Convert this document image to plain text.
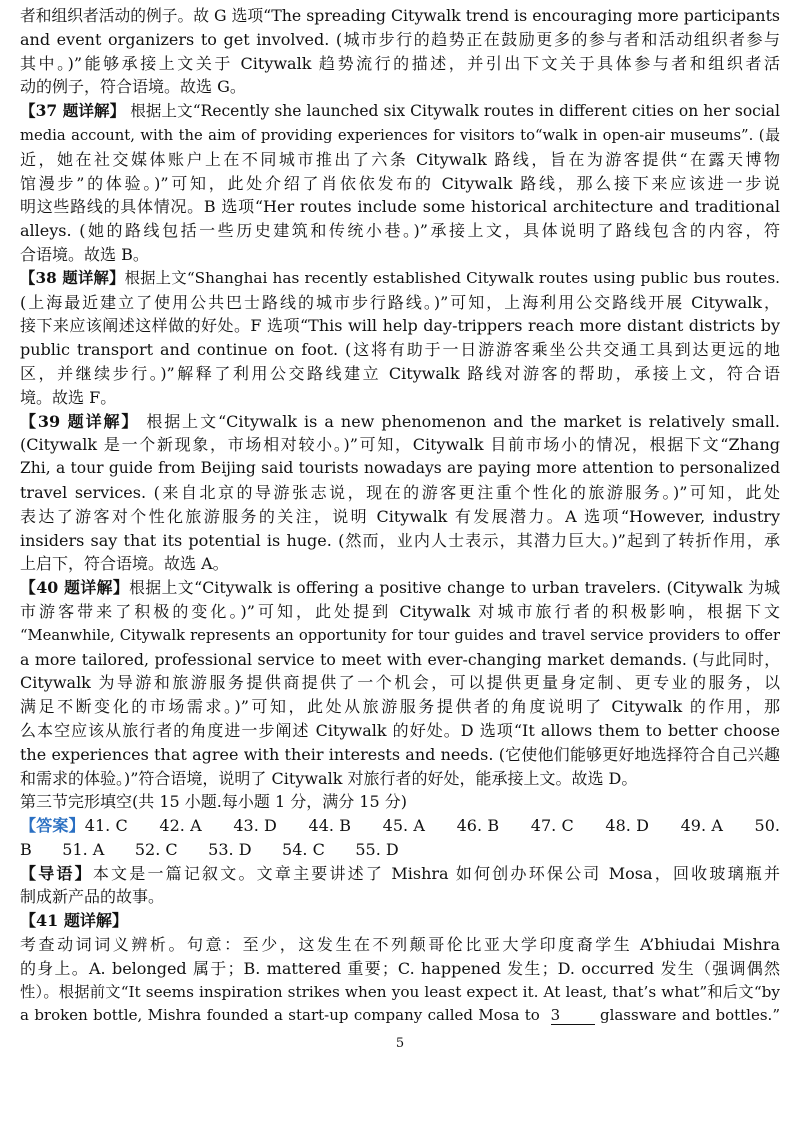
者和组织者活动的例子。故 G 选项“The spreading Citywalk trend is encouraging more participants
and event organizers to get involved. (城市步行的趋势正在鼓励更多的参与者和活动组织者参与
其中。)”能够承接上文关于 Citywalk 趋势流行的描述，并引出下文关于具体参与者和组织者活
动的例子，符合语境。故选 G。
【37 题详解】 根据上文“Recently she launched six Citywalk routes in different cities on her social
media account, with the aim of providing experiences for visitors to“walk in open-air museums”. (最
近，她在社交媒体账户上在不同城市推出了六条 Citywalk 路线，旨在为游客提供“在露天博物
馆漫步”的体验。)”可知，此处介绍了肖依依发布的 Citywalk 路线，那么接下来应该进一步说
明这些路线的具体情况。B 选项“Her routes include some historical architecture and traditional
alleys. (她的路线包括一些历史建筑和传统小巷。)”承接上文，具体说明了路线包含的内容，符
合语境。故选 B。
【38 题详解】根据上文“Shanghai has recently established Citywalk routes using public bus routes.
(上海最近建立了使用公共巴士路线的城市步行路线。)”可知，上海利用公交路线开展 Citywalk，
接下来应该阐述这样做的好处。F 选项“This will help day-trippers reach more distant districts by
public transport and continue on foot. (这将有助于一日游游客乘坐公共交通工具到达更远的地
区，并继续步行。)”解释了利用公交路线建立 Citywalk 路线对游客的帮助，承接上文，符合语
境。故选 F。
【39 题详解】 根据上文“Citywalk is a new phenomenon and the market is relatively small.
(Citywalk 是一个新现象，市场相对较小。)”可知，Citywalk 目前市场小的情况，根据下文“Zhang
Zhi, a tour guide from Beijing said tourists nowadays are paying more attention to personalized
travel services. (来自北京的导游张志说，现在的游客更注重个性化的旅游服务。)”可知，此处
表达了游客对个性化旅游服务的关注，说明 Citywalk 有发展潜力。A 选项“However, industry
insiders say that its potential is huge. (然而，业内人士表示，其潜力巨大。)”起到了转折作用，承
上启下，符合语境。故选 A。
【40 题详解】根据上文“Citywalk is offering a positive change to urban travelers. (Citywalk 为城
市游客带来了积极的变化。)”可知，此处提到 Citywalk 对城市旅行者的积极影响，根据下文
“Meanwhile, Citywalk represents an opportunity for tour guides and travel service providers to offer
a more tailored, professional service to meet with ever-changing market demands. (与此同时，
Citywalk 为导游和旅游服务提供商提供了一个机会，可以提供更量身定制、更专业的服务，以
满足不断变化的市场需求。)”可知，此处从旅游服务提供者的角度说明了 Citywalk 的作用，那
么本空应该从旅行者的角度进一步阐述 Citywalk 的好处。D 选项“It allows them to better choose
the experiences that agree with their interests and needs. (它使他们能够更好地选择符合自己兴趣
和需求的体验。)”符合语境，说明了 Citywalk 对旅行者的好处，能承接上文。故选 D。
第三节完形填空(共 15 小题.每小题 1 分，满分 15 分)
【答案】41. C      42. A      43. D      44. B      45. A      46. B      47. C      48. D      49. A      50.
B      51. A      52. C      53. D      54. C      55. D
【导语】本文是一篇记叙文。文章主要讲述了 Mishra 如何创办环保公司 Mosa，回收玻璃瓶并
制成新产品的故事。
【41 题详解】
考查动词词义辨析。句意：至少，这发生在不列颠哥伦比亚大学印度裔学生 A’bhiudai Mishra
的身上。A. belonged 属于；B. mattered 重要；C. happened 发生；D. occurred 发生（强调偶然
性）。根据前文“It seems inspiration strikes when you least expect it. At least, that’s what”和后文“by
a broken bottle, Mishra founded a start-up company called Mosa to 3 glassware and bottles.”
5
